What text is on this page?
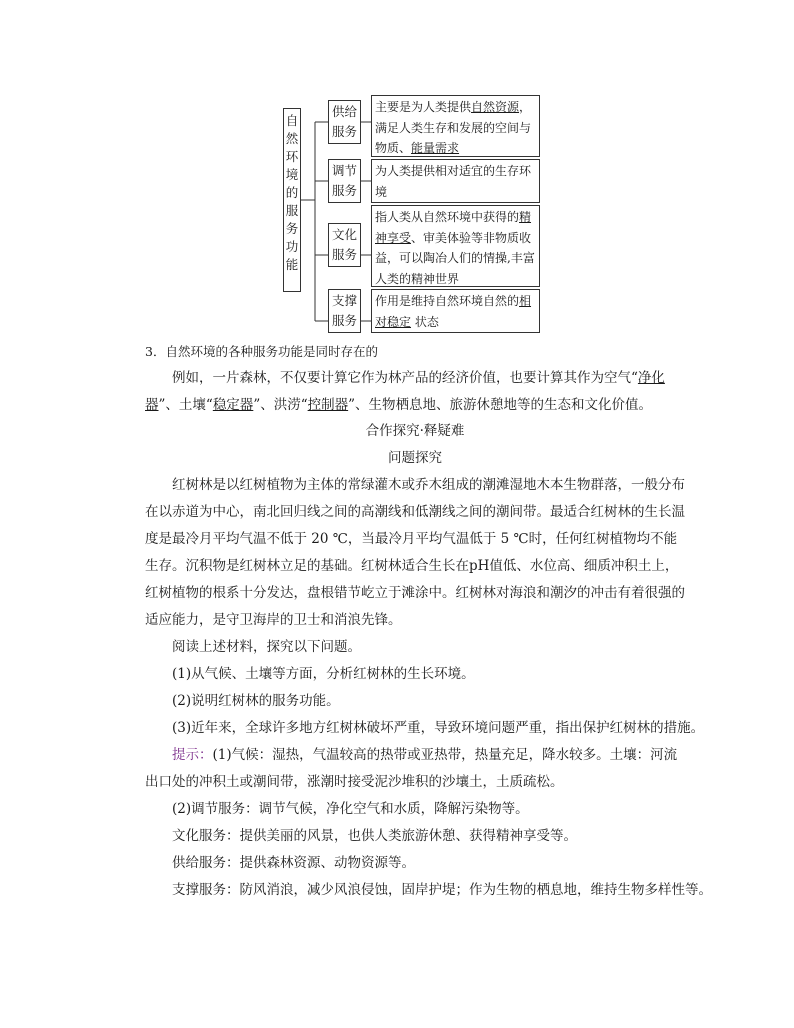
自
然
环
境
的
服
务
功
能
供给
服务
主要是为人类提供自然资源，满足人类生存和发展的空间与物质、能量需求
调节
服务
为人类提供相对适宜的生存环境
文化
服务
指人类从自然环境中获得的精神享受、审美体验等非物质收益，可以陶冶人们的情操,丰富人类的精神世界
支撑
服务
作用是维持自然环境自然的相对稳定 状态
3．自然环境的各种服务功能是同时存在的
例如，一片森林，不仅要计算它作为林产品的经济价值，也要计算其作为空气“净化器”、土壤“稳定器”、洪涝“控制器”、生物栖息地、旅游休憩地等的生态和文化价值。
合作探究·释疑难
问题探究
红树林是以红树植物为主体的常绿灌木或乔木组成的潮滩湿地木本生物群落，一般分布在以赤道为中心，南北回归线之间的高潮线和低潮线之间的潮间带。最适合红树林的生长温度是最冷月平均气温不低于 20 ℃，当最冷月平均气温低于 5 ℃时，任何红树植物均不能生存。沉积物是红树林立足的基础。红树林适合生长在pH值低、水位高、细质冲积土上，红树植物的根系十分发达，盘根错节屹立于滩涂中。红树林对海浪和潮汐的冲击有着很强的适应能力，是守卫海岸的卫士和消浪先锋。
阅读上述材料，探究以下问题。
(1)从气候、土壤等方面，分析红树林的生长环境。
(2)说明红树林的服务功能。
(3)近年来，全球许多地方红树林破坏严重，导致环境问题严重，指出保护红树林的措施。
提示：(1)气候：湿热，气温较高的热带或亚热带，热量充足，降水较多。土壤：河流出口处的冲积土或潮间带，涨潮时接受泥沙堆积的沙壤土，土质疏松。
(2)调节服务：调节气候，净化空气和水质，降解污染物等。
文化服务：提供美丽的风景，也供人类旅游休憩、获得精神享受等。
供给服务：提供森林资源、动物资源等。
支撑服务：防风消浪，减少风浪侵蚀，固岸护堤；作为生物的栖息地，维持生物多样性等。
